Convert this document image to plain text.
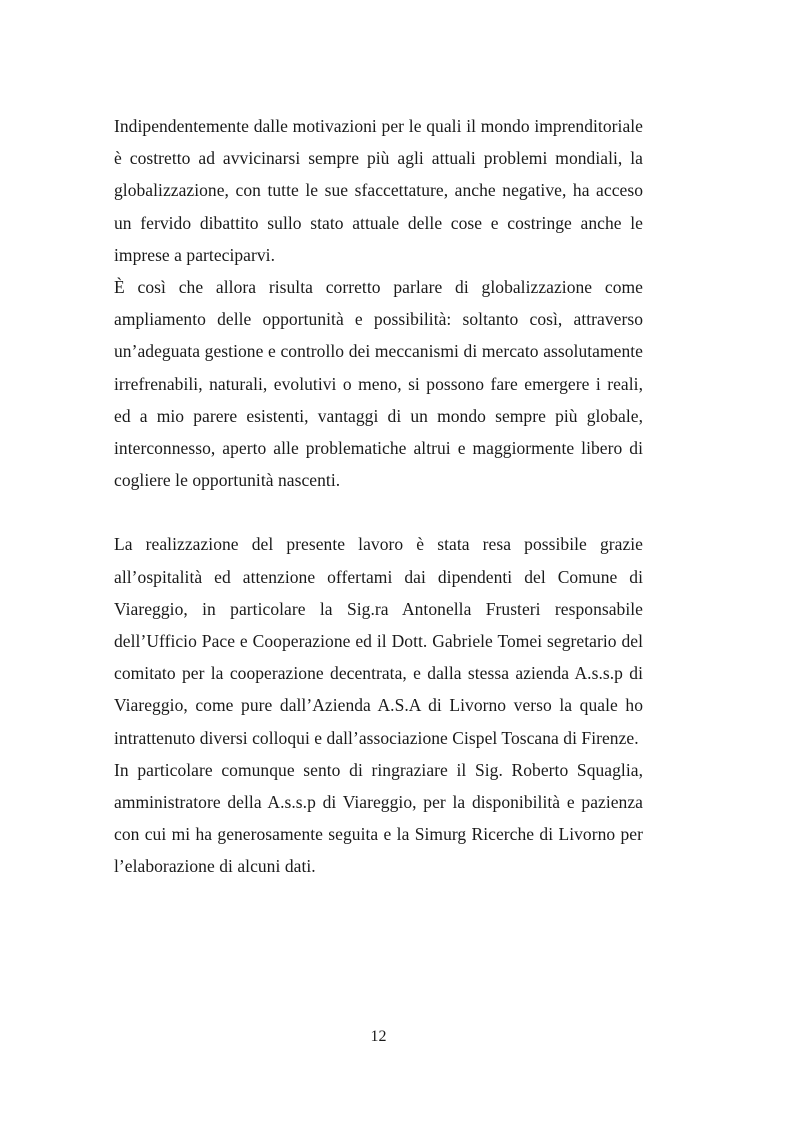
Indipendentemente dalle motivazioni per le quali il mondo imprenditoriale è costretto ad avvicinarsi sempre più agli attuali problemi mondiali, la globalizzazione, con tutte le sue sfaccettature, anche negative, ha acceso un fervido dibattito sullo stato attuale delle cose e costringe anche le imprese a parteciparvi.

È così che allora risulta corretto parlare di globalizzazione come ampliamento delle opportunità e possibilità: soltanto così, attraverso un’adeguata gestione e controllo dei meccanismi di mercato assolutamente irrefrenabili, naturali, evolutivi o meno, si possono fare emergere i reali, ed a mio parere esistenti, vantaggi di un mondo sempre più globale, interconnesso, aperto alle problematiche altrui e maggiormente libero di cogliere le opportunità nascenti.

La realizzazione del presente lavoro è stata resa possibile grazie all’ospitalità ed attenzione offertami dai dipendenti del Comune di Viareggio, in particolare la Sig.ra Antonella Frusteri responsabile dell’Ufficio Pace e Cooperazione ed il Dott. Gabriele Tomei segretario del comitato per la cooperazione decentrata, e dalla stessa azienda A.s.s.p di Viareggio, come pure dall’Azienda A.S.A di Livorno verso la quale ho intrattenuto diversi colloqui e dall’associazione Cispel Toscana di Firenze.

In particolare comunque sento di ringraziare il Sig. Roberto Squaglia, amministratore della A.s.s.p di Viareggio, per la disponibilità e pazienza con cui mi ha generosamente seguita e la Simurg Ricerche di Livorno per l’elaborazione di alcuni dati.

12
